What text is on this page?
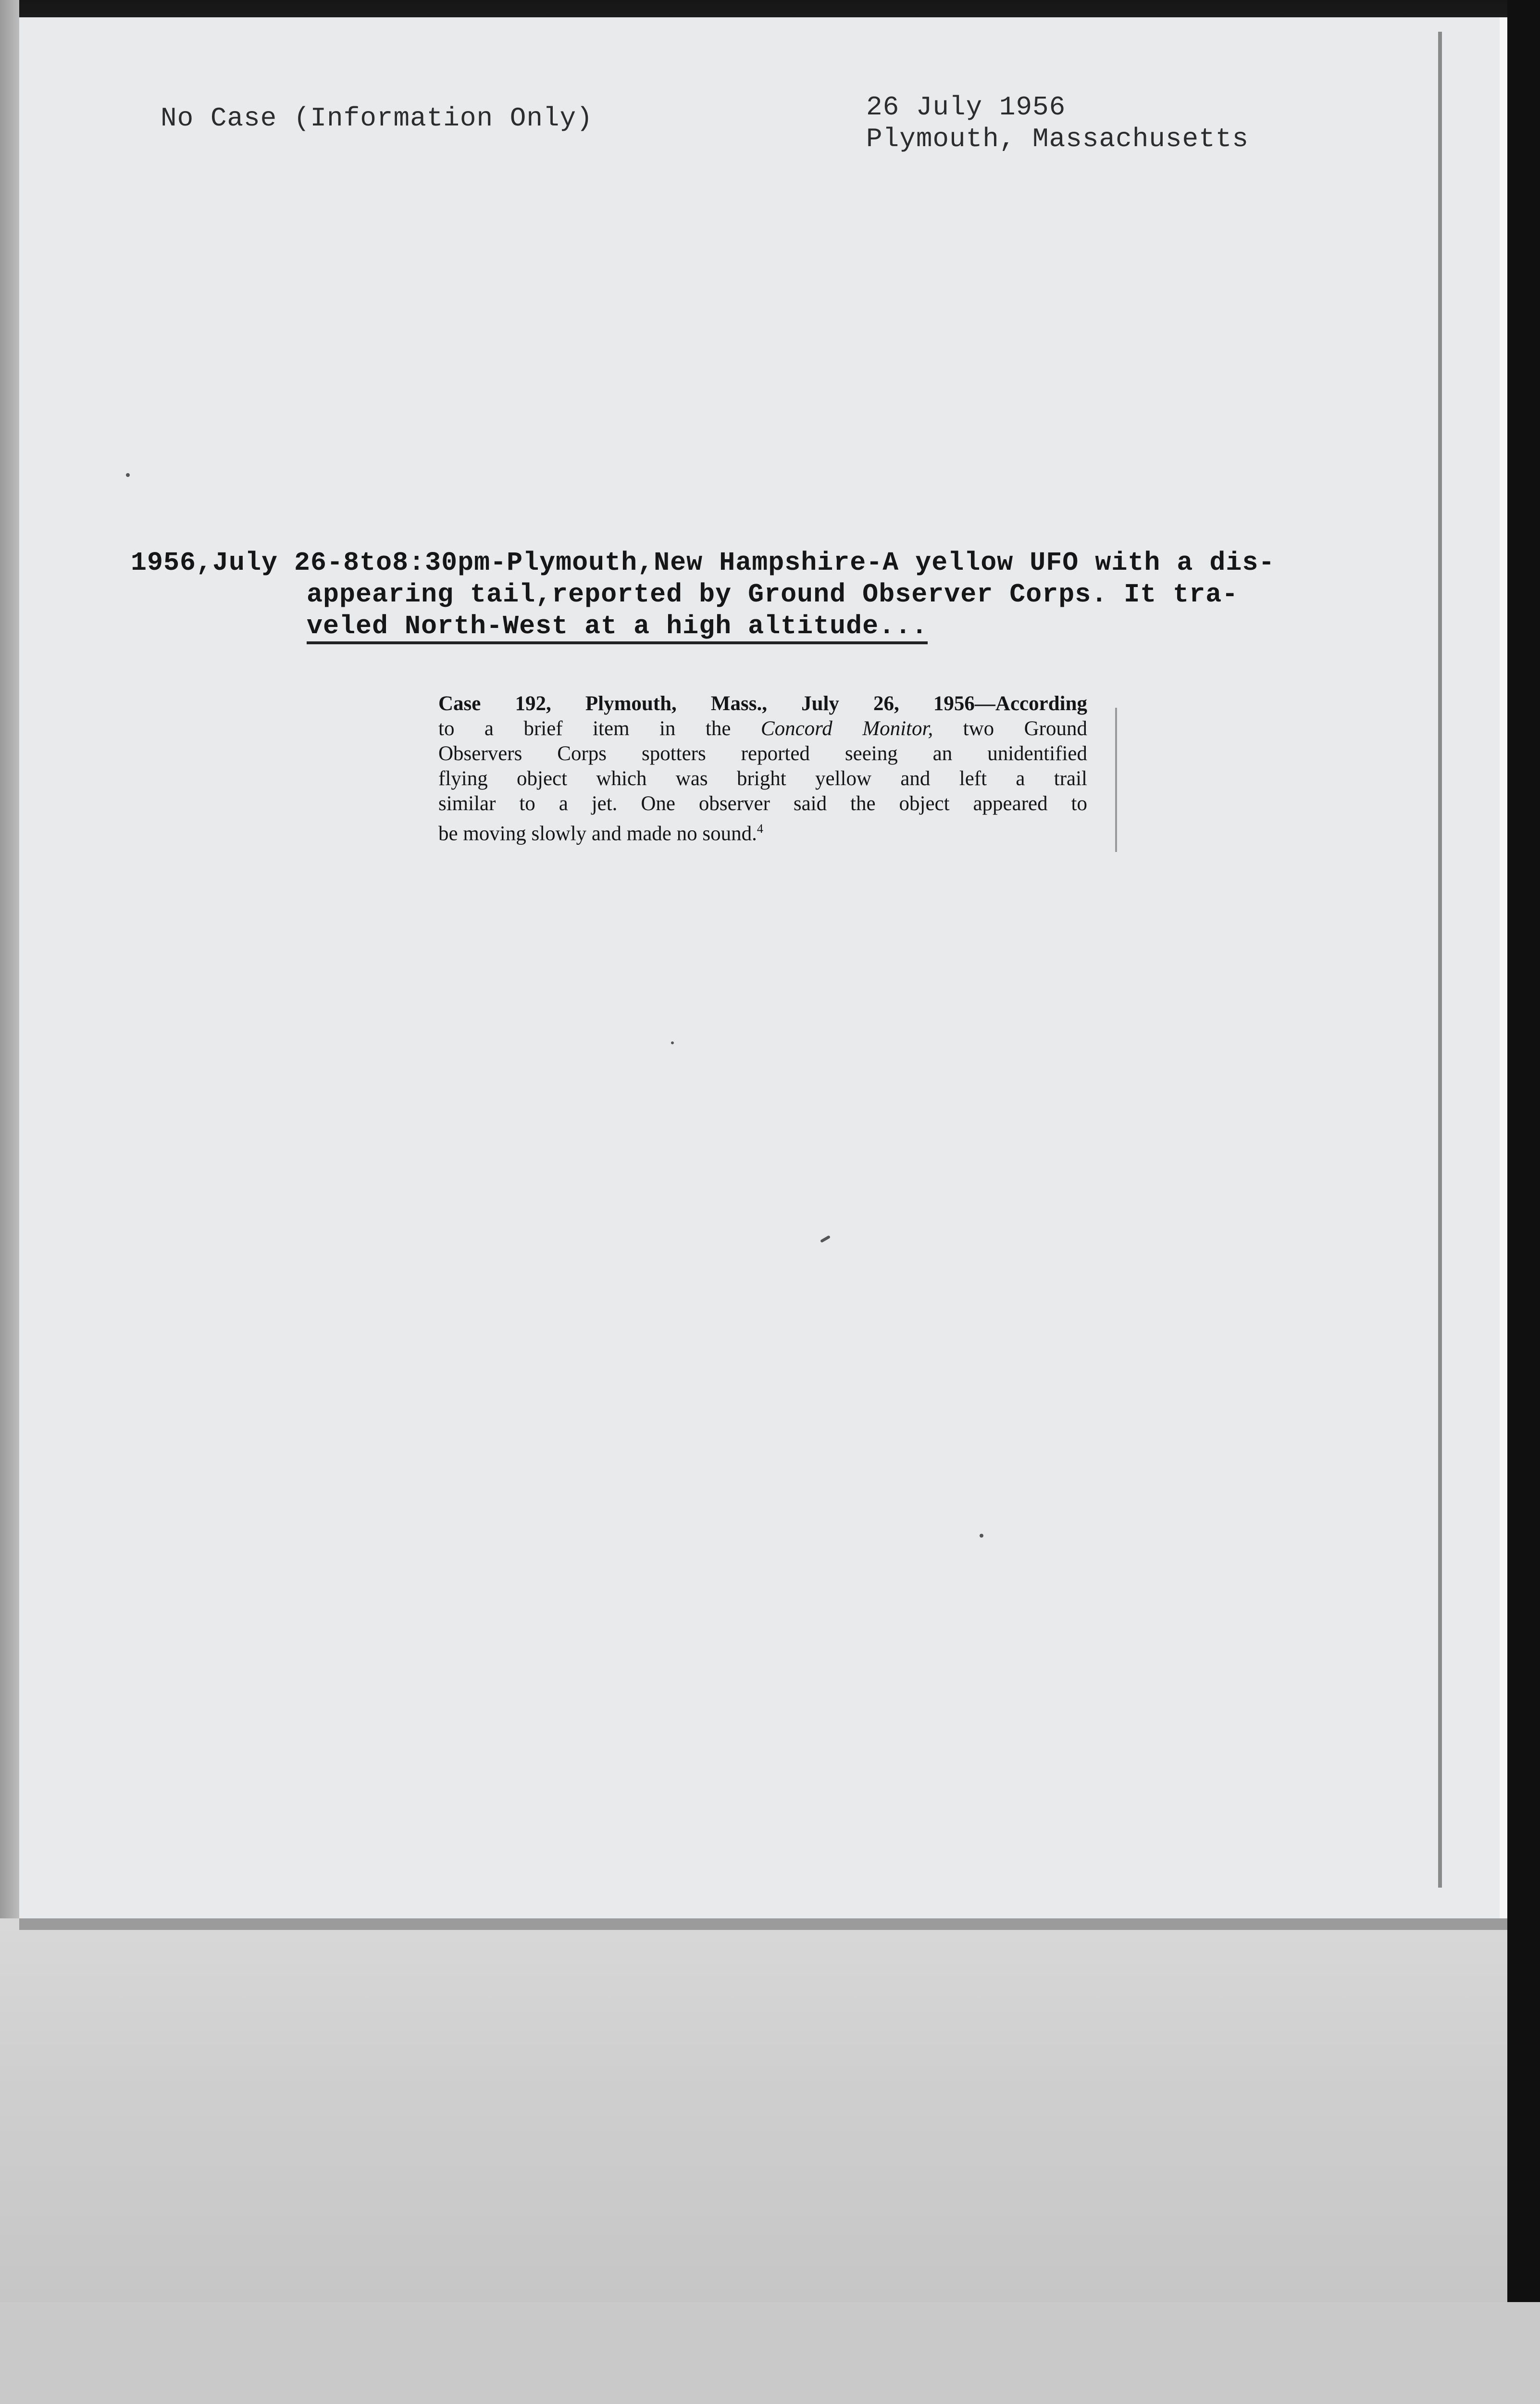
No Case (Information Only)	26 July 1956
Plymouth, Massachusetts
1956,July 26-8to8:30pm-Plymouth,New Hampshire-A yellow UFO with a dis-
appearing tail,reported by Ground Observer Corps. It tra-
veled North-West at a high altitude...
Case 192, Plymouth, Mass., July 26, 1956—According
to a brief item in the Concord Monitor, two Ground
Observers Corps spotters reported seeing an unidentified
flying object which was bright yellow and left a trail
similar to a jet. One observer said the object appeared to
be moving slowly and made no sound.$^4$
